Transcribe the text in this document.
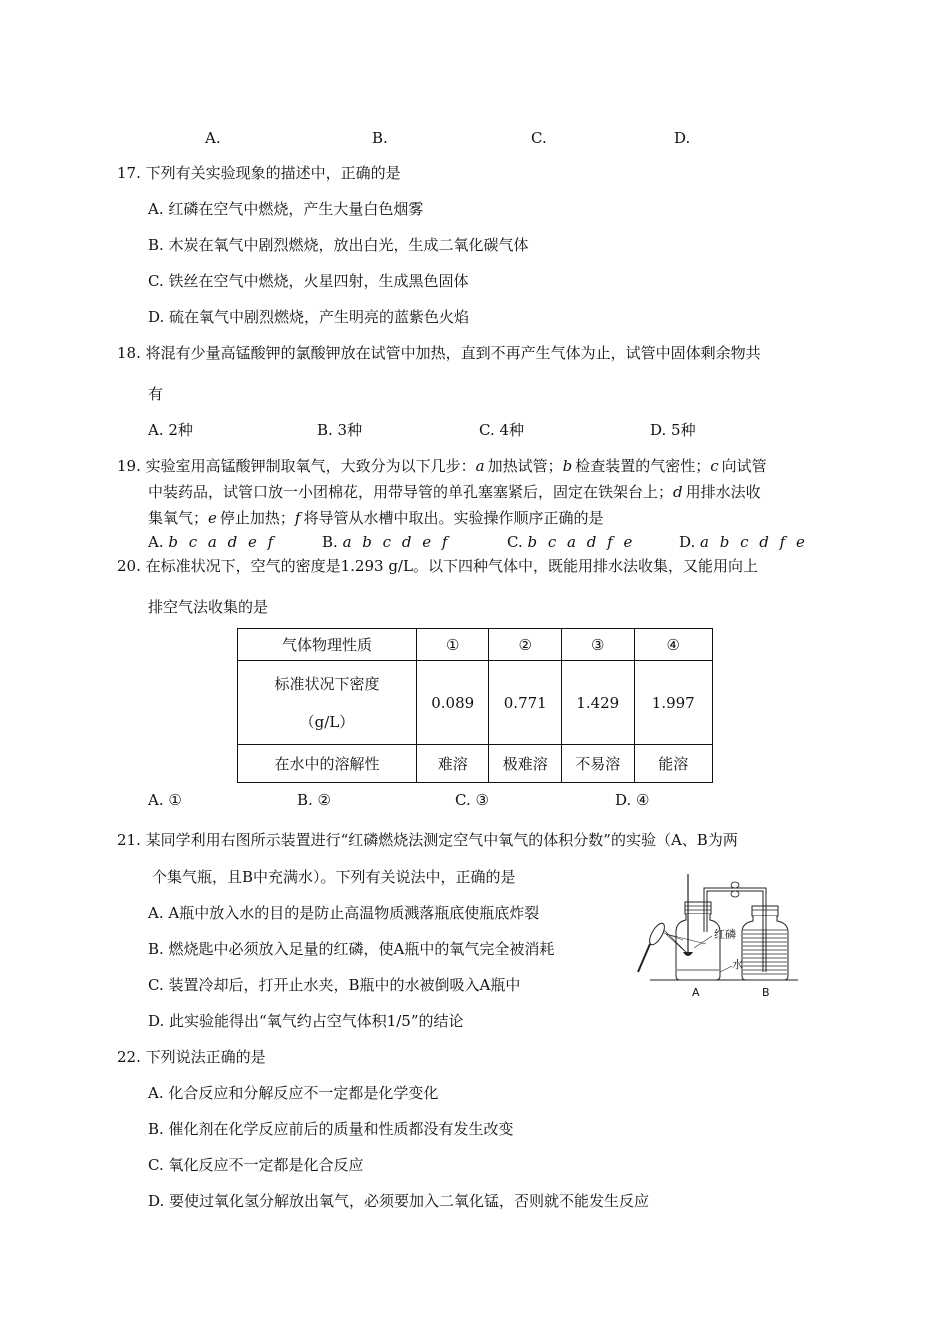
A.	B.	C.	D.
17. 下列有关实验现象的描述中，正确的是
A. 红磷在空气中燃烧，产生大量白色烟雾
B. 木炭在氧气中剧烈燃烧，放出白光，生成二氧化碳气体
C. 铁丝在空气中燃烧，火星四射，生成黑色固体
D. 硫在氧气中剧烈燃烧，产生明亮的蓝紫色火焰
18. 将混有少量高锰酸钾的氯酸钾放在试管中加热，直到不再产生气体为止，试管中固体剩余物共
有
A. 2种	B. 3种	C. 4种	D. 5种
19. 实验室用高锰酸钾制取氧气，大致分为以下几步：a加热试管；b检查装置的气密性；c向试管
中装药品，试管口放一小团棉花，用带导管的单孔塞塞紧后，固定在铁架台上；d用排水法收
集氧气；e停止加热；f将导管从水槽中取出。实验操作顺序正确的是
A. b c a d e f	B. a b c d e f	C. b c a d f e	D. a b c d f e
20. 在标准状况下，空气的密度是1.293 g/L。以下四种气体中，既能用排水法收集，又能用向上
排空气法收集的是
气体物理性质	①	②	③	④

标准状况下密度
（g/L）	0.089	0.771	1.429	1.997
在水中的溶解性	难溶	极难溶	不易溶	能溶
A. ①	B. ②	C. ③	D. ④
21. 某同学利用右图所示装置进行“红磷燃烧法测定空气中氧气的体积分数”的实验（A、B为两
个集气瓶，且B中充满水）。下列有关说法中，正确的是
A. A瓶中放入水的目的是防止高温物质溅落瓶底使瓶底炸裂
B. 燃烧匙中必须放入足量的红磷，使A瓶中的氧气完全被消耗
C. 装置冷却后，打开止水夹，B瓶中的水被倒吸入A瓶中
D. 此实验能得出“氧气约占空气体积1/5”的结论
红磷
水
A	B
22. 下列说法正确的是
A. 化合反应和分解反应不一定都是化学变化
B. 催化剂在化学反应前后的质量和性质都没有发生改变
C. 氧化反应不一定都是化合反应
D. 要使过氧化氢分解放出氧气，必须要加入二氧化锰，否则就不能发生反应
